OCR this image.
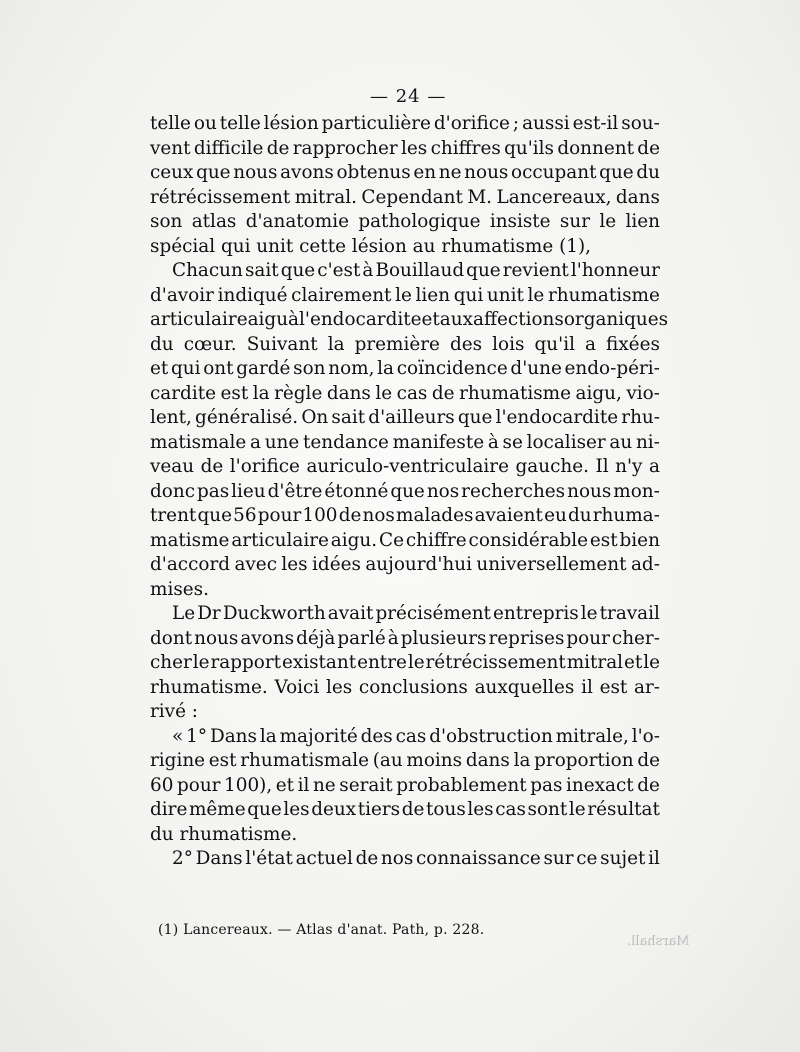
— 24 —
telle ou telle lésion particulière d'orifice ; aussi est-il sou-
vent difficile de rapprocher les chiffres qu'ils donnent de
ceux que nous avons obtenus en ne nous occupant que du
rétrécissement mitral. Cependant M. Lancereaux, dans
son atlas d'anatomie pathologique insiste sur le lien
spécial qui unit cette lésion au rhumatisme (1),
Chacun sait que c'est à Bouillaud que revient l'honneur
d'avoir indiqué clairement le lien qui unit le rhumatisme
articulaire aigu à l'endocardite et aux affections organiques
du cœur. Suivant la première des lois qu'il a fixées
et qui ont gardé son nom, la coïncidence d'une endo-péri-
cardite est la règle dans le cas de rhumatisme aigu, vio-
lent, généralisé. On sait d'ailleurs que l'endocardite rhu-
matismale a une tendance manifeste à se localiser au ni-
veau de l'orifice auriculo-ventriculaire gauche. Il n'y a
donc pas lieu d'être étonné que nos recherches nous mon-
trent que 56 pour 100 de nos malades avaient eu du rhuma-
matisme articulaire aigu. Ce chiffre considérable est bien
d'accord avec les idées aujourd'hui universellement ad-
mises.
Le Dr Duckworth avait précisément entrepris le travail
dont nous avons déjà parlé à plusieurs reprises pour cher-
cher le rapport existant entre le rétrécissement mitral et le
rhumatisme. Voici les conclusions auxquelles il est ar-
rivé :
« 1° Dans la majorité des cas d'obstruction mitrale, l'o-
rigine est rhumatismale (au moins dans la proportion de
60 pour 100), et il ne serait probablement pas inexact de
dire même que les deux tiers de tous les cas sont le résultat
du rhumatisme.
2° Dans l'état actuel de nos connaissance sur ce sujet il
(1) Lancereaux. — Atlas d'anat. Path, p. 228.
Marshall.
